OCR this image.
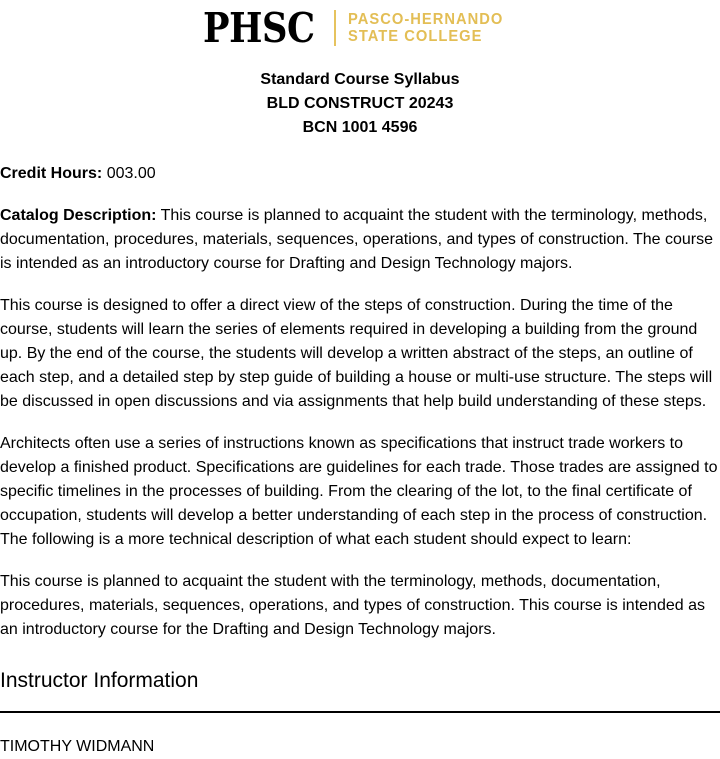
PHSC PASCO-HERNANDO
STATE COLLEGE
Standard Course Syllabus
BLD CONSTRUCT 20243
BCN 1001 4596
Credit Hours: 003.00

Catalog Description: This course is planned to acquaint the student with the terminology, methods, documentation, procedures, materials, sequences, operations, and types of construction. The course is intended as an introductory course for Drafting and Design Technology majors.

This course is designed to offer a direct view of the steps of construction. During the time of the course, students will learn the series of elements required in developing a building from the ground up. By the end of the course, the students will develop a written abstract of the steps, an outline of each step, and a detailed step by step guide of building a house or multi-use structure. The steps will be discussed in open discussions and via assignments that help build understanding of these steps.

Architects often use a series of instructions known as specifications that instruct trade workers to develop a finished product. Specifications are guidelines for each trade. Those trades are assigned to specific timelines in the processes of building. From the clearing of the lot, to the final certificate of occupation, students will develop a better understanding of each step in the process of construction. The following is a more technical description of what each student should expect to learn:

This course is planned to acquaint the student with the terminology, methods, documentation, procedures, materials, sequences, operations, and types of construction. This course is intended as an introductory course for the Drafting and Design Technology majors.

Instructor Information
TIMOTHY WIDMANN
